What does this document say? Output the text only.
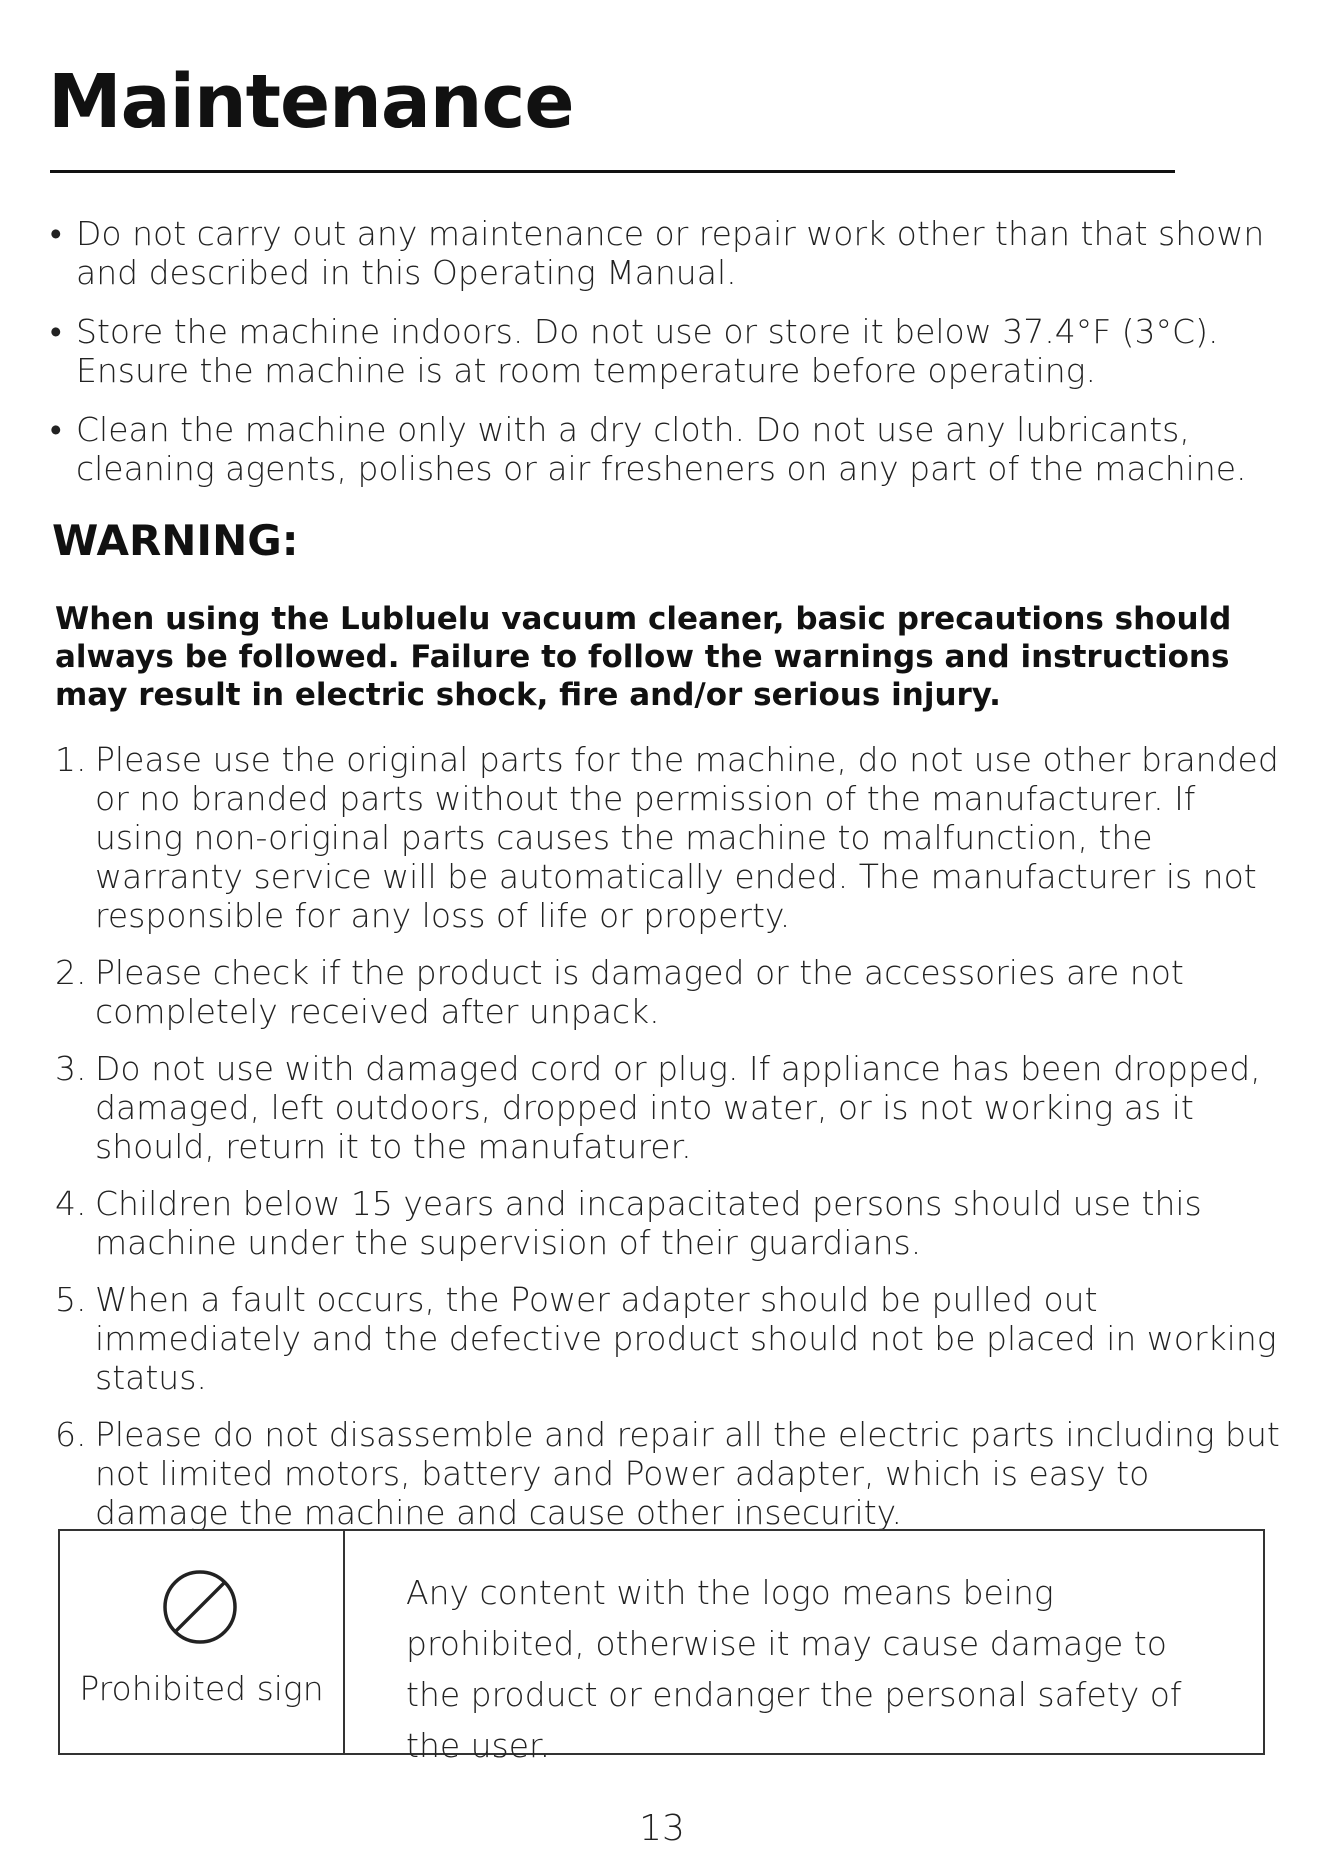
Maintenance
• Do not carry out any maintenance or repair work other than that shown and described in this Operating Manual.
• Store the machine indoors. Do not use or store it below 37.4°F (3°C). Ensure the machine is at room temperature before operating.
• Clean the machine only with a dry cloth. Do not use any lubricants, cleaning agents, polishes or air fresheners on any part of the machine.
WARNING:

When using the Lubluelu vacuum cleaner, basic precautions should always be followed. Failure to follow the warnings and instructions may result in electric shock, fire and/or serious injury.

1. Please use the original parts for the machine, do not use other branded or no branded parts without the permission of the manufacturer. If using non-original parts causes the machine to malfunction, the warranty service will be automatically ended. The manufacturer is not responsible for any loss of life or property.
2. Please check if the product is damaged or the accessories are not completely received after unpack.
3. Do not use with damaged cord or plug. If appliance has been dropped, damaged, left outdoors, dropped into water, or is not working as it should, return it to the manufaturer.
4. Children below 15 years and incapacitated persons should use this machine under the supervision of their guardians.
5. When a fault occurs, the Power adapter should be pulled out immediately and the defective product should not be placed in working status.
6. Please do not disassemble and repair all the electric parts including but not limited motors, battery and Power adapter, which is easy to damage the machine and cause other insecurity.
Prohibited sign

Any content with the logo means being prohibited, otherwise it may cause damage to the product or endanger the personal safety of the user.

13
